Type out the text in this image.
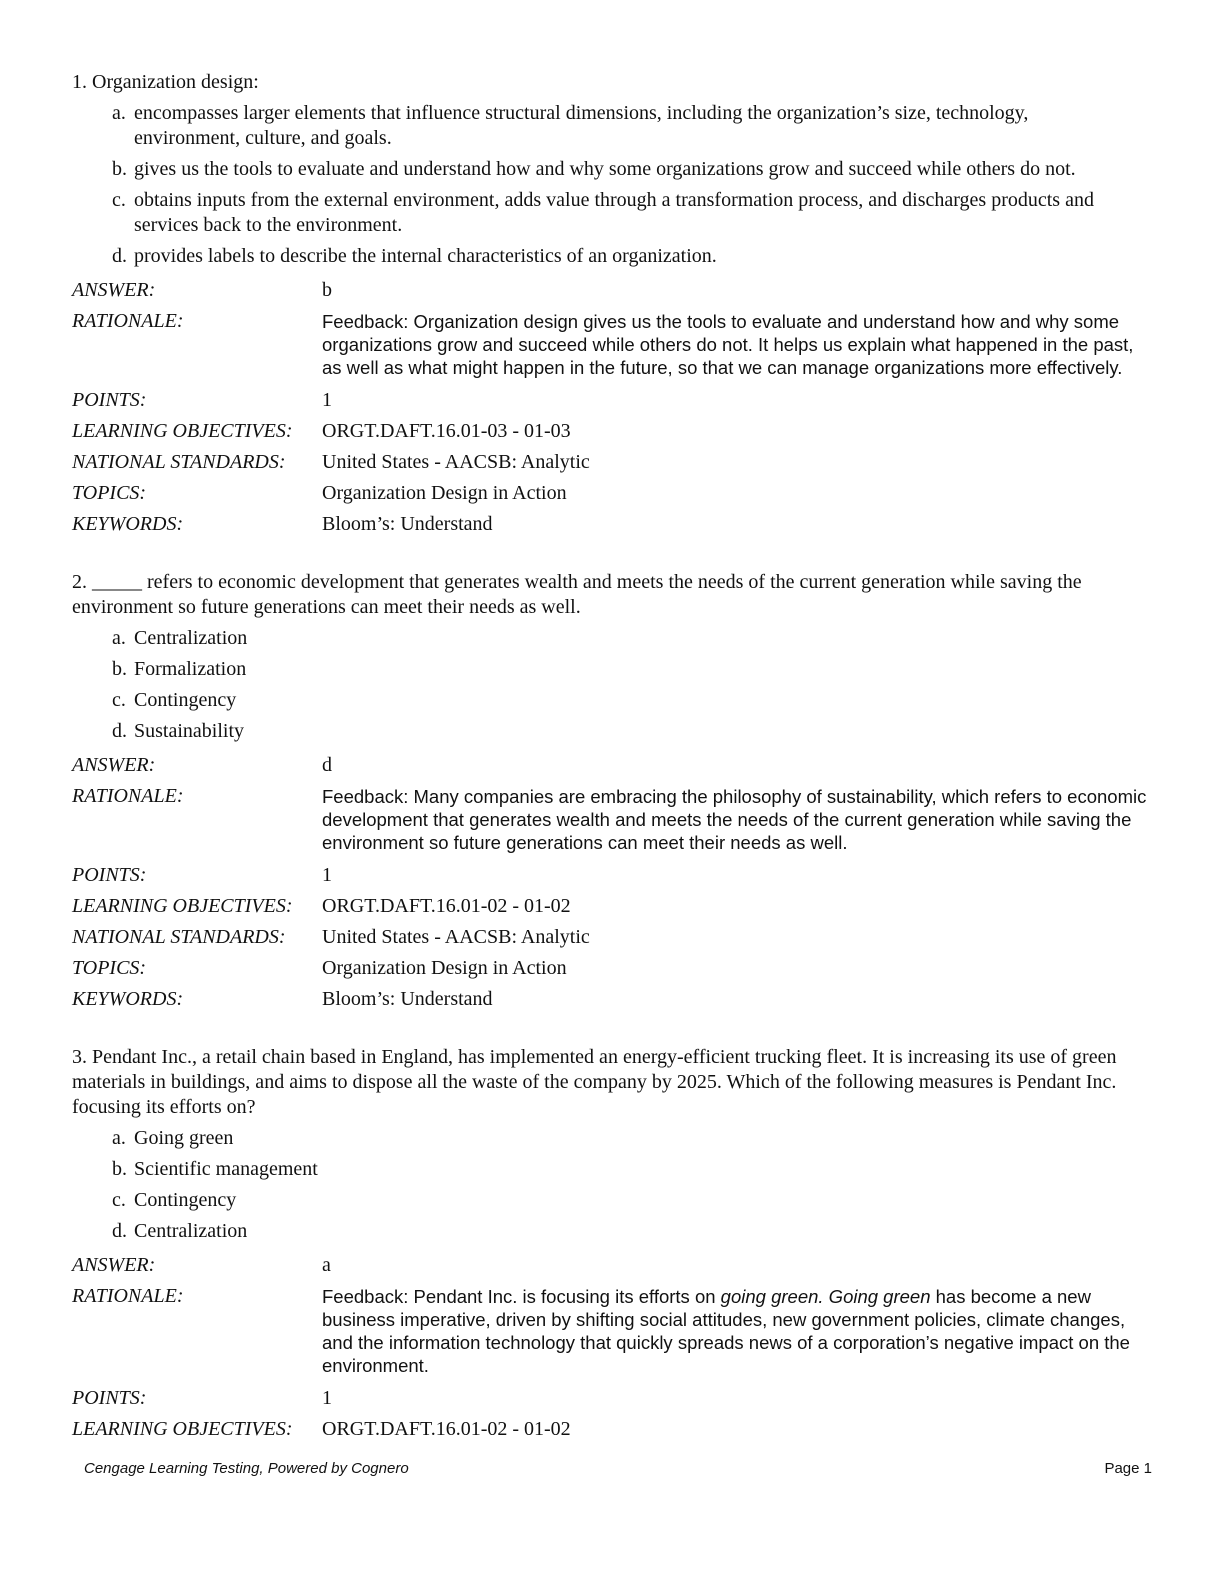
1. Organization design:

a. encompasses larger elements that influence structural dimensions, including the organization’s size, technology, environment, culture, and goals.
b. gives us the tools to evaluate and understand how and why some organizations grow and succeed while others do not.
c. obtains inputs from the external environment, adds value through a transformation process, and discharges products and services back to the environment.
d. provides labels to describe the internal characteristics of an organization.
ANSWER:	b
RATIONALE:	Feedback: Organization design gives us the tools to evaluate and understand how and why some organizations grow and succeed while others do not. It helps us explain what happened in the past, as well as what might happen in the future, so that we can manage organizations more effectively.
POINTS:	1
LEARNING OBJECTIVES:	ORGT.DAFT.16.01-03 - 01-03
NATIONAL STANDARDS:	United States - AACSB: Analytic
TOPICS:	Organization Design in Action
KEYWORDS:	Bloom’s: Understand

2. _____ refers to economic development that generates wealth and meets the needs of the current generation while saving the environment so future generations can meet their needs as well.

a. Centralization
b. Formalization
c. Contingency
d. Sustainability
ANSWER:	d
RATIONALE:	Feedback: Many companies are embracing the philosophy of sustainability, which refers to economic development that generates wealth and meets the needs of the current generation while saving the environment so future generations can meet their needs as well.
POINTS:	1
LEARNING OBJECTIVES:	ORGT.DAFT.16.01-02 - 01-02
NATIONAL STANDARDS:	United States - AACSB: Analytic
TOPICS:	Organization Design in Action
KEYWORDS:	Bloom’s: Understand

3. Pendant Inc., a retail chain based in England, has implemented an energy-efficient trucking fleet. It is increasing its use of green materials in buildings, and aims to dispose all the waste of the company by 2025. Which of the following measures is Pendant Inc. focusing its efforts on?

a. Going green
b. Scientific management
c. Contingency
d. Centralization
ANSWER:	a
RATIONALE:	Feedback: Pendant Inc. is focusing its efforts on going green. Going green has become a new business imperative, driven by shifting social attitudes, new government policies, climate changes, and the information technology that quickly spreads news of a corporation’s negative impact on the environment.
POINTS:	1
LEARNING OBJECTIVES:	ORGT.DAFT.16.01-02 - 01-02
Cengage Learning Testing, Powered by Cognero	Page 1
